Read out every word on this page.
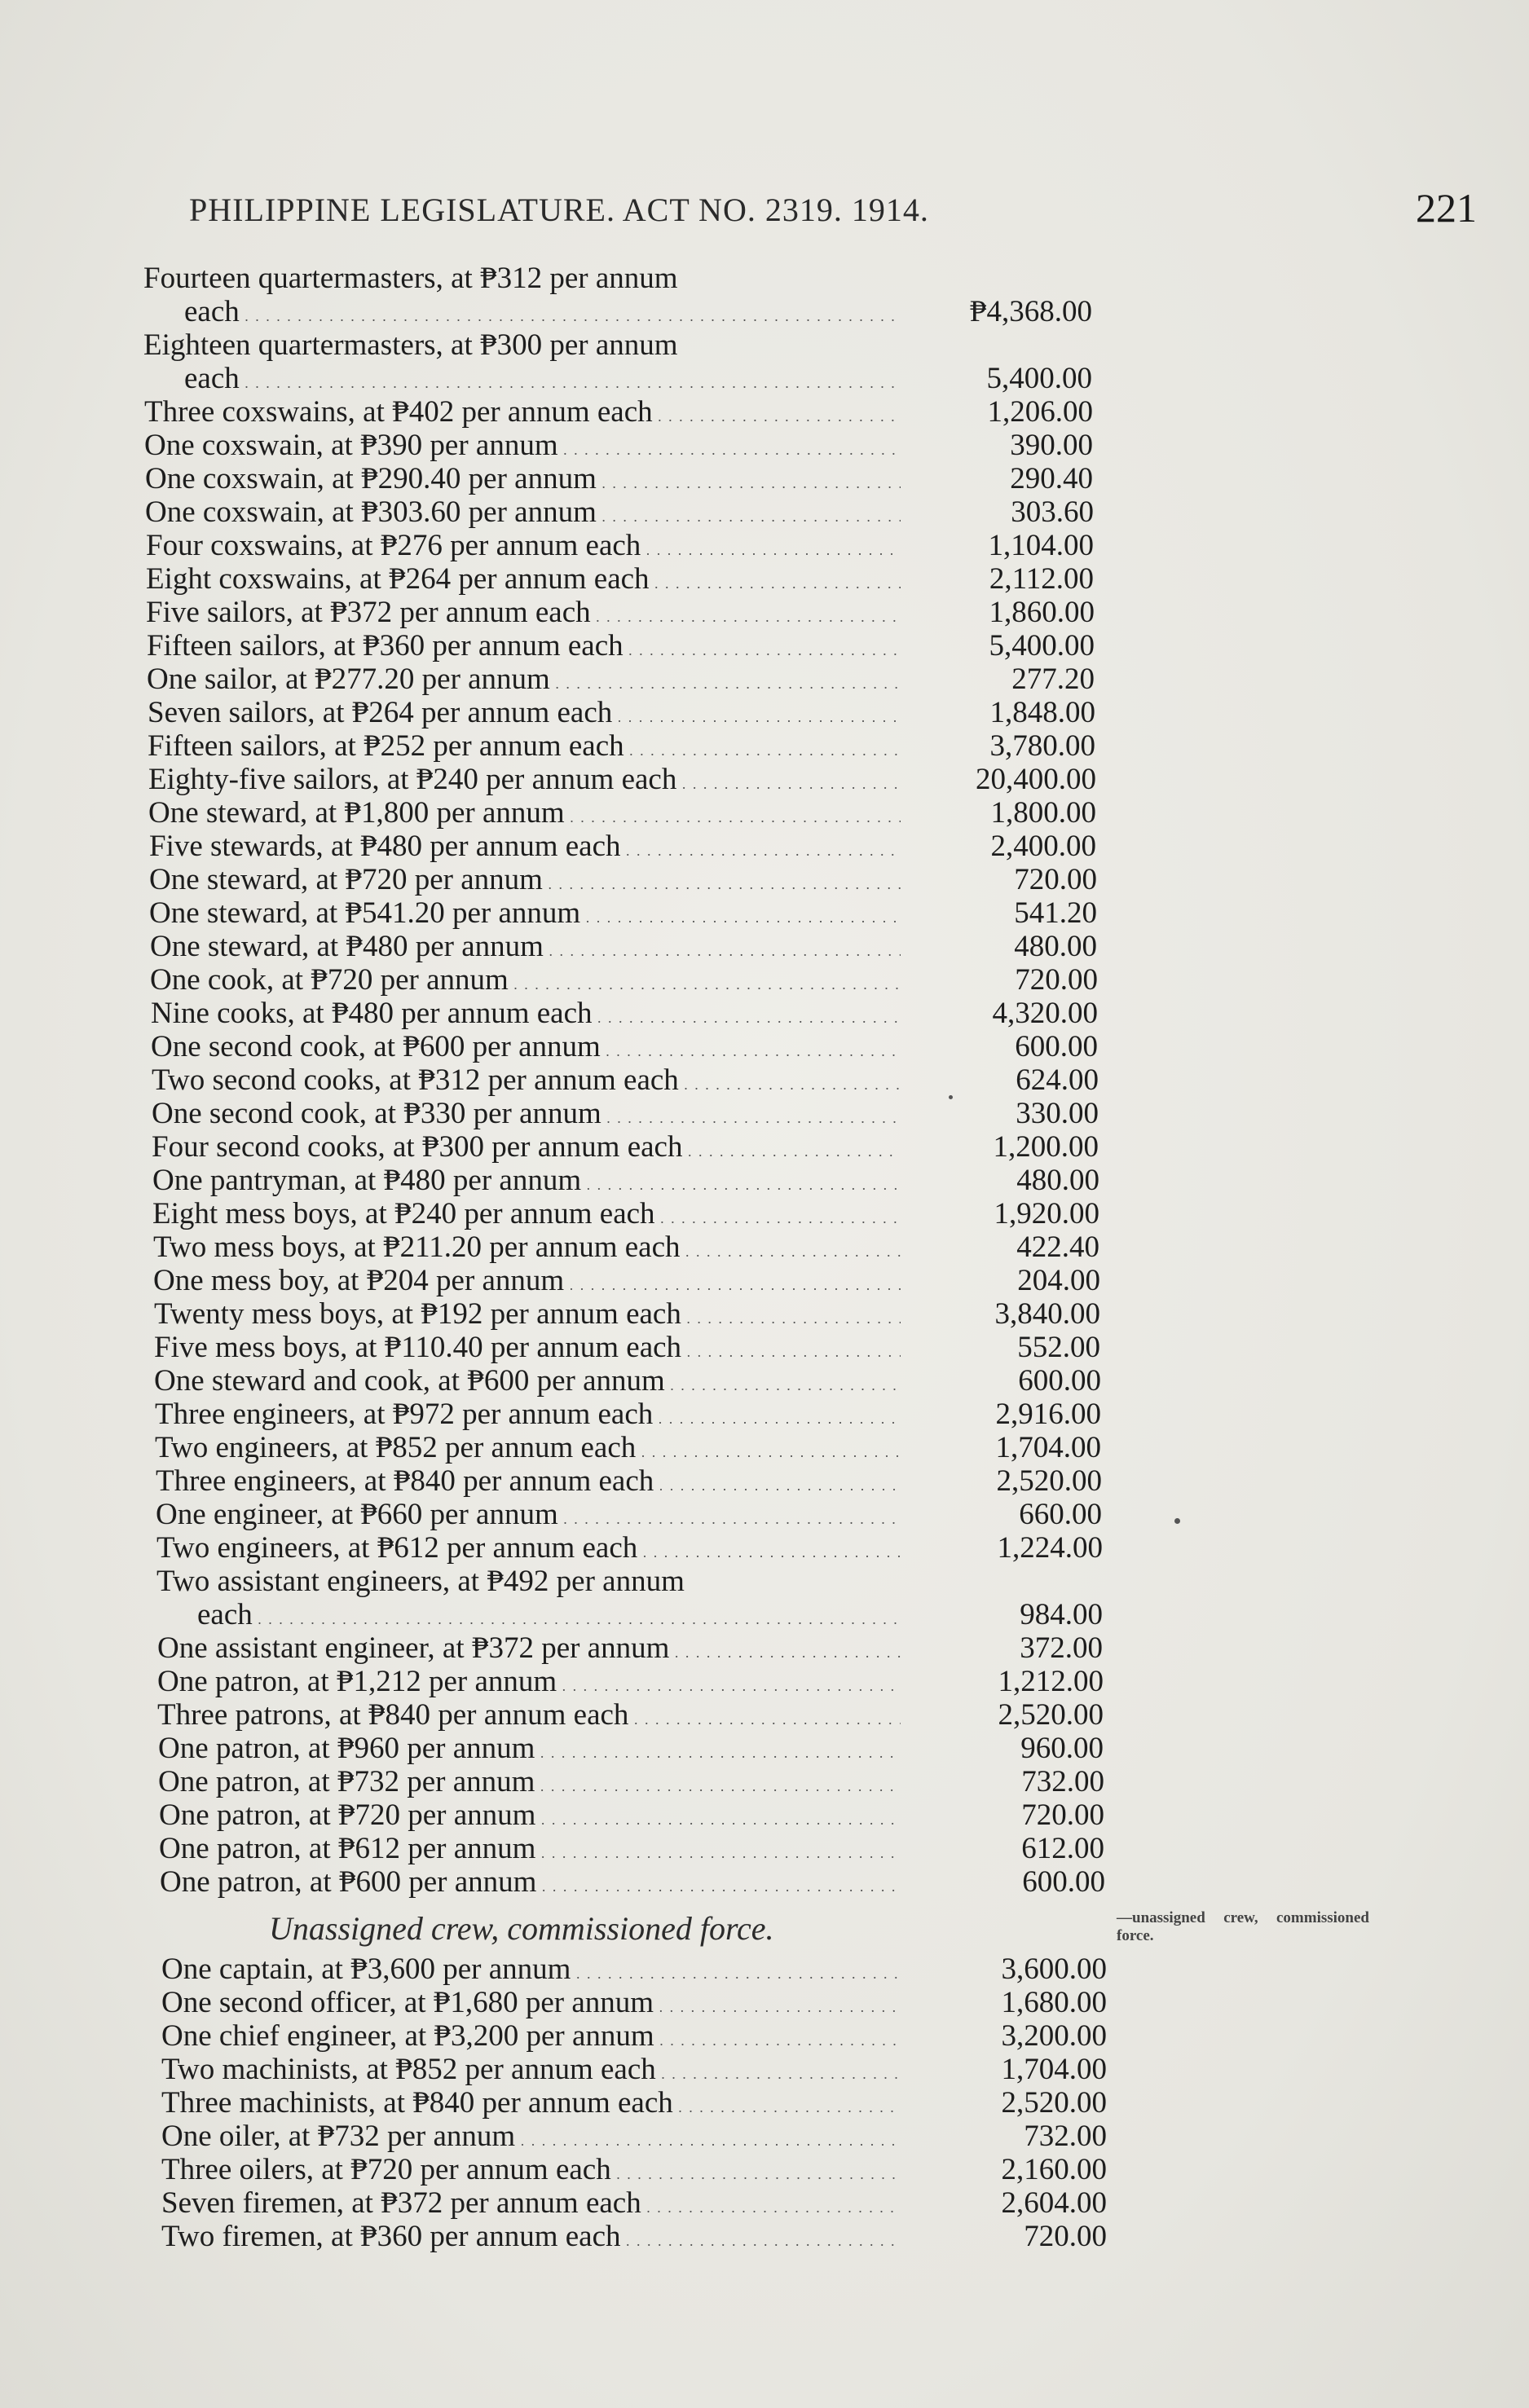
PHILIPPINE LEGISLATURE. ACT NO. 2319. 1914.	221
Fourteen quartermasters, at ₱312 per annum
each . . .	₱4,368.00
Eighteen quartermasters, at ₱300 per annum
each . . .	5,400.00
Three coxswains, at ₱402 per annum each . . .	1,206.00
One coxswain, at ₱390 per annum . . .	390.00
One coxswain, at ₱290.40 per annum . . .	290.40
One coxswain, at ₱303.60 per annum . . .	303.60
Four coxswains, at ₱276 per annum each . . .	1,104.00
Eight coxswains, at ₱264 per annum each . . .	2,112.00
Five sailors, at ₱372 per annum each . . .	1,860.00
Fifteen sailors, at ₱360 per annum each . . .	5,400.00
One sailor, at ₱277.20 per annum . . .	277.20
Seven sailors, at ₱264 per annum each . . .	1,848.00
Fifteen sailors, at ₱252 per annum each . . .	3,780.00
Eighty-five sailors, at ₱240 per annum each . . .	20,400.00
One steward, at ₱1,800 per annum . . .	1,800.00
Five stewards, at ₱480 per annum each . . .	2,400.00
One steward, at ₱720 per annum . . .	720.00
One steward, at ₱541.20 per annum . . .	541.20
One steward, at ₱480 per annum . . .	480.00
One cook, at ₱720 per annum . . .	720.00
Nine cooks, at ₱480 per annum each . . .	4,320.00
One second cook, at ₱600 per annum . . .	600.00
Two second cooks, at ₱312 per annum each . . .	624.00
One second cook, at ₱330 per annum . . .	330.00
Four second cooks, at ₱300 per annum each . . .	1,200.00
One pantryman, at ₱480 per annum . . .	480.00
Eight mess boys, at ₱240 per annum each . . .	1,920.00
Two mess boys, at ₱211.20 per annum each . . .	422.40
One mess boy, at ₱204 per annum . . .	204.00
Twenty mess boys, at ₱192 per annum each . . .	3,840.00
Five mess boys, at ₱110.40 per annum each . . .	552.00
One steward and cook, at ₱600 per annum . . .	600.00
Three engineers, at ₱972 per annum each . . .	2,916.00
Two engineers, at ₱852 per annum each . . .	1,704.00
Three engineers, at ₱840 per annum each . . .	2,520.00
One engineer, at ₱660 per annum . . .	660.00
Two engineers, at ₱612 per annum each . . .	1,224.00
Two assistant engineers, at ₱492 per annum
each . . .	984.00
One assistant engineer, at ₱372 per annum . . .	372.00
One patron, at ₱1,212 per annum . . .	1,212.00
Three patrons, at ₱840 per annum each . . .	2,520.00
One patron, at ₱960 per annum . . .	960.00
One patron, at ₱732 per annum . . .	732.00
One patron, at ₱720 per annum . . .	720.00
One patron, at ₱612 per annum . . .	612.00
One patron, at ₱600 per annum . . .	600.00
One captain, at ₱3,600 per annum . . .	3,600.00
One second officer, at ₱1,680 per annum . . .	1,680.00
One chief engineer, at ₱3,200 per annum . . .	3,200.00
Two machinists, at ₱852 per annum each . . .	1,704.00
Three machinists, at ₱840 per annum each . . .	2,520.00
One oiler, at ₱732 per annum . . .	732.00
Three oilers, at ₱720 per annum each . . .	2,160.00
Seven firemen, at ₱372 per annum each . . .	2,604.00
Two firemen, at ₱360 per annum each . . .	720.00
Unassigned crew, commissioned force.	—unassigned crew, commissioned force.
